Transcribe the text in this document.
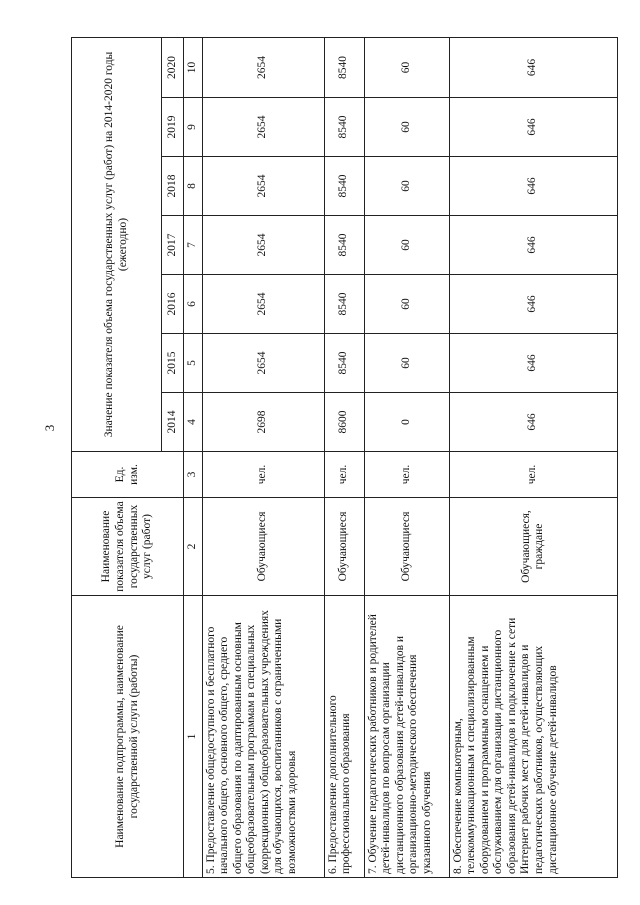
3
Наименование подпрограммы, наименование государственной услуги (работы)	Наименование показателя объема государственных услуг (работ)	Ед. изм.	Значение показателя объема государственных услуг (работ) на 2014-2020 годы (ежегодно)						
			2014	2015	2016	2017	2018	2019	2020
1	2	3	4	5	6	7	8	9	10
5. Предоставление общедоступного и бесплатного начального общего, основного общего, среднего общего образования по адаптированным основным общеобразовательным программам в специальных (коррекционных) общеобразовательных учреждениях для обучающихся, воспитанников с ограниченными возможностями здоровья	Обучающиеся	чел.	2698	2654	2654	2654	2654	2654	2654
6. Предоставление дополнительного профессионального образования	Обучающиеся	чел.	8600	8540	8540	8540	8540	8540	8540
7. Обучение педагогических работников и родителей детей-инвалидов по вопросам организации дистанционного образования детей-инвалидов и организационно-методического обеспечения указанного обучения	Обучающиеся	чел.	0	60	60	60	60	60	60
8. Обеспечение компьютерным, телекоммуникационным и специализированным оборудованием и программным оснащением и обслуживанием для организации дистанционного образования детей-инвалидов и подключение к сети Интернет рабочих мест для детей-инвалидов и педагогических работников, осуществляющих дистанционное обучение детей-инвалидов	Обучающиеся, граждане	чел.	646	646	646	646	646	646	646
